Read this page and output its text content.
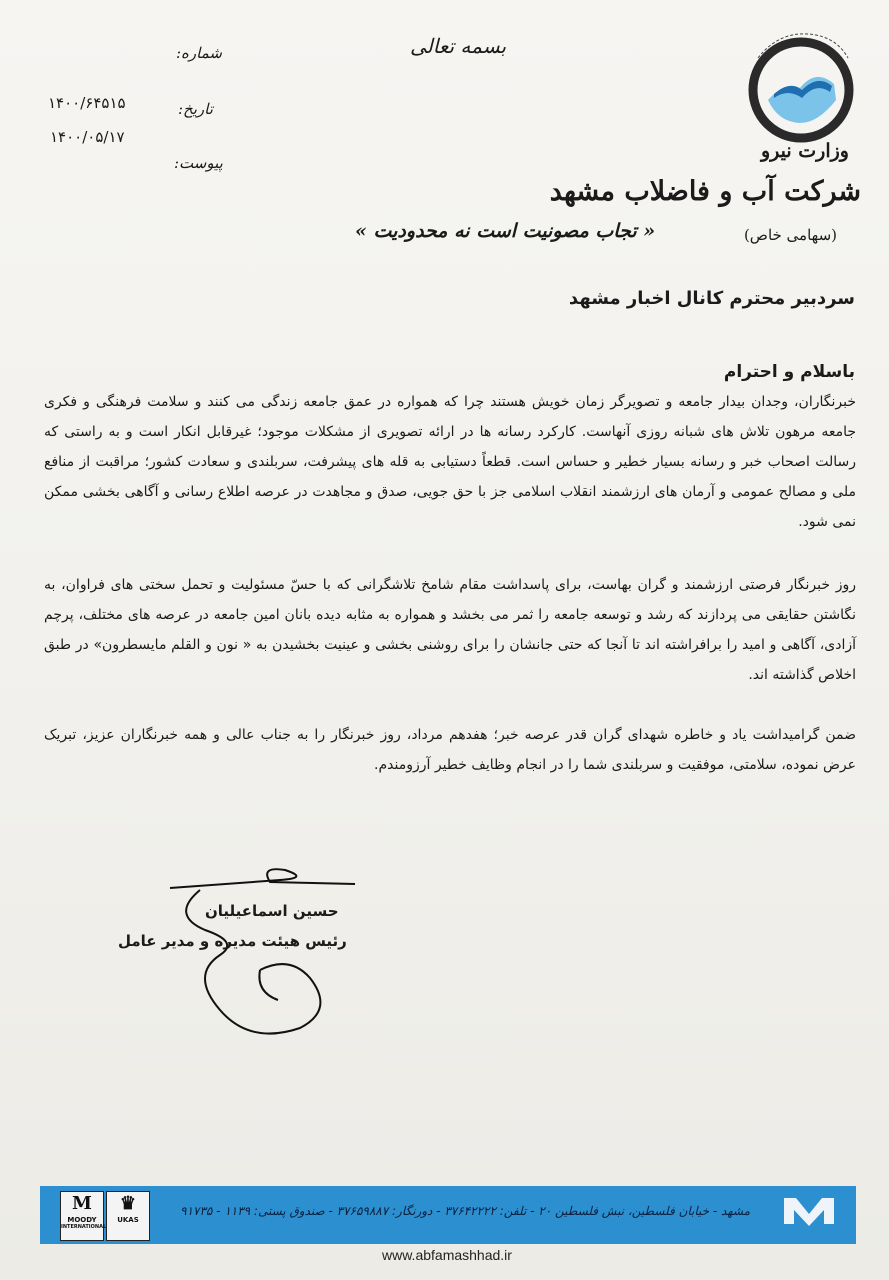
وزارت نیرو
شرکت آب و فاضلاب مشهد
(سهامی خاص)
بسمه تعالی
شماره:
تاریخ:
پیوست:
۱۴۰۰/۶۴۵۱۵
۱۴۰۰/۰۵/۱۷
« تجاب مصونیت است نه محدودیت »
سردبیر محترم کانال اخبار مشهد
باسلام و احترام
خبرنگاران، وجدان بیدار جامعه و تصویرگر زمان خویش هستند چرا که همواره در عمق جامعه زندگی می کنند و سلامت فرهنگی و فکری جامعه مرهون تلاش های شبانه روزی آنهاست. کارکرد رسانه ها در ارائه تصویری از مشکلات موجود؛ غیرقابل انکار است و به راستی که رسالت اصحاب خبر و رسانه بسیار خطیر و حساس است. قطعاً دستیابی به قله های پیشرفت، سربلندی و سعادت کشور؛ مراقبت از منافع ملی و مصالح عمومی و آرمان های ارزشمند انقلاب اسلامی جز با حق جویی، صدق و مجاهدت در عرصه اطلاع رسانی و آگاهی بخشی ممکن نمی شود.
روز خبرنگار فرصتی ارزشمند و گران بهاست، برای پاسداشت مقام شامخ تلاشگرانی که با حسّ مسئولیت و تحمل سختی های فراوان، به نگاشتن حقایقی می پردازند که رشد و توسعه جامعه را ثمر می بخشد و همواره به مثابه دیده بانان امین جامعه در عرصه های مختلف، پرچم آزادی، آگاهی و امید را برافراشته اند تا آنجا که حتی جانشان را برای روشنی بخشی و عینیت بخشیدن به « نون و القلم مایسطرون» در طبق اخلاص گذاشته اند.
ضمن گرامیداشت یاد و خاطره شهدای گران قدر عرصه خبر؛ هفدهم مرداد، روز خبرنگار را به جناب عالی و همه خبرنگاران عزیز، تبریک عرض نموده، سلامتی، موفقیت و سربلندی شما را در انجام وظایف خطیر آرزومندم.
حسین اسماعیلیان
رئیس هیئت مدیره و مدیر عامل
M
MOODY
INTERNATIONAL
♛
UKAS
مشهد - خیابان فلسطین، نبش فلسطین ۲۰ - تلفن: ۳۷۶۴۲۲۲۲ - دورنگار: ۳۷۶۵۹۸۸۷ - صندوق پستی: ۱۱۳۹ - ۹۱۷۳۵
www.abfamashhad.ir
